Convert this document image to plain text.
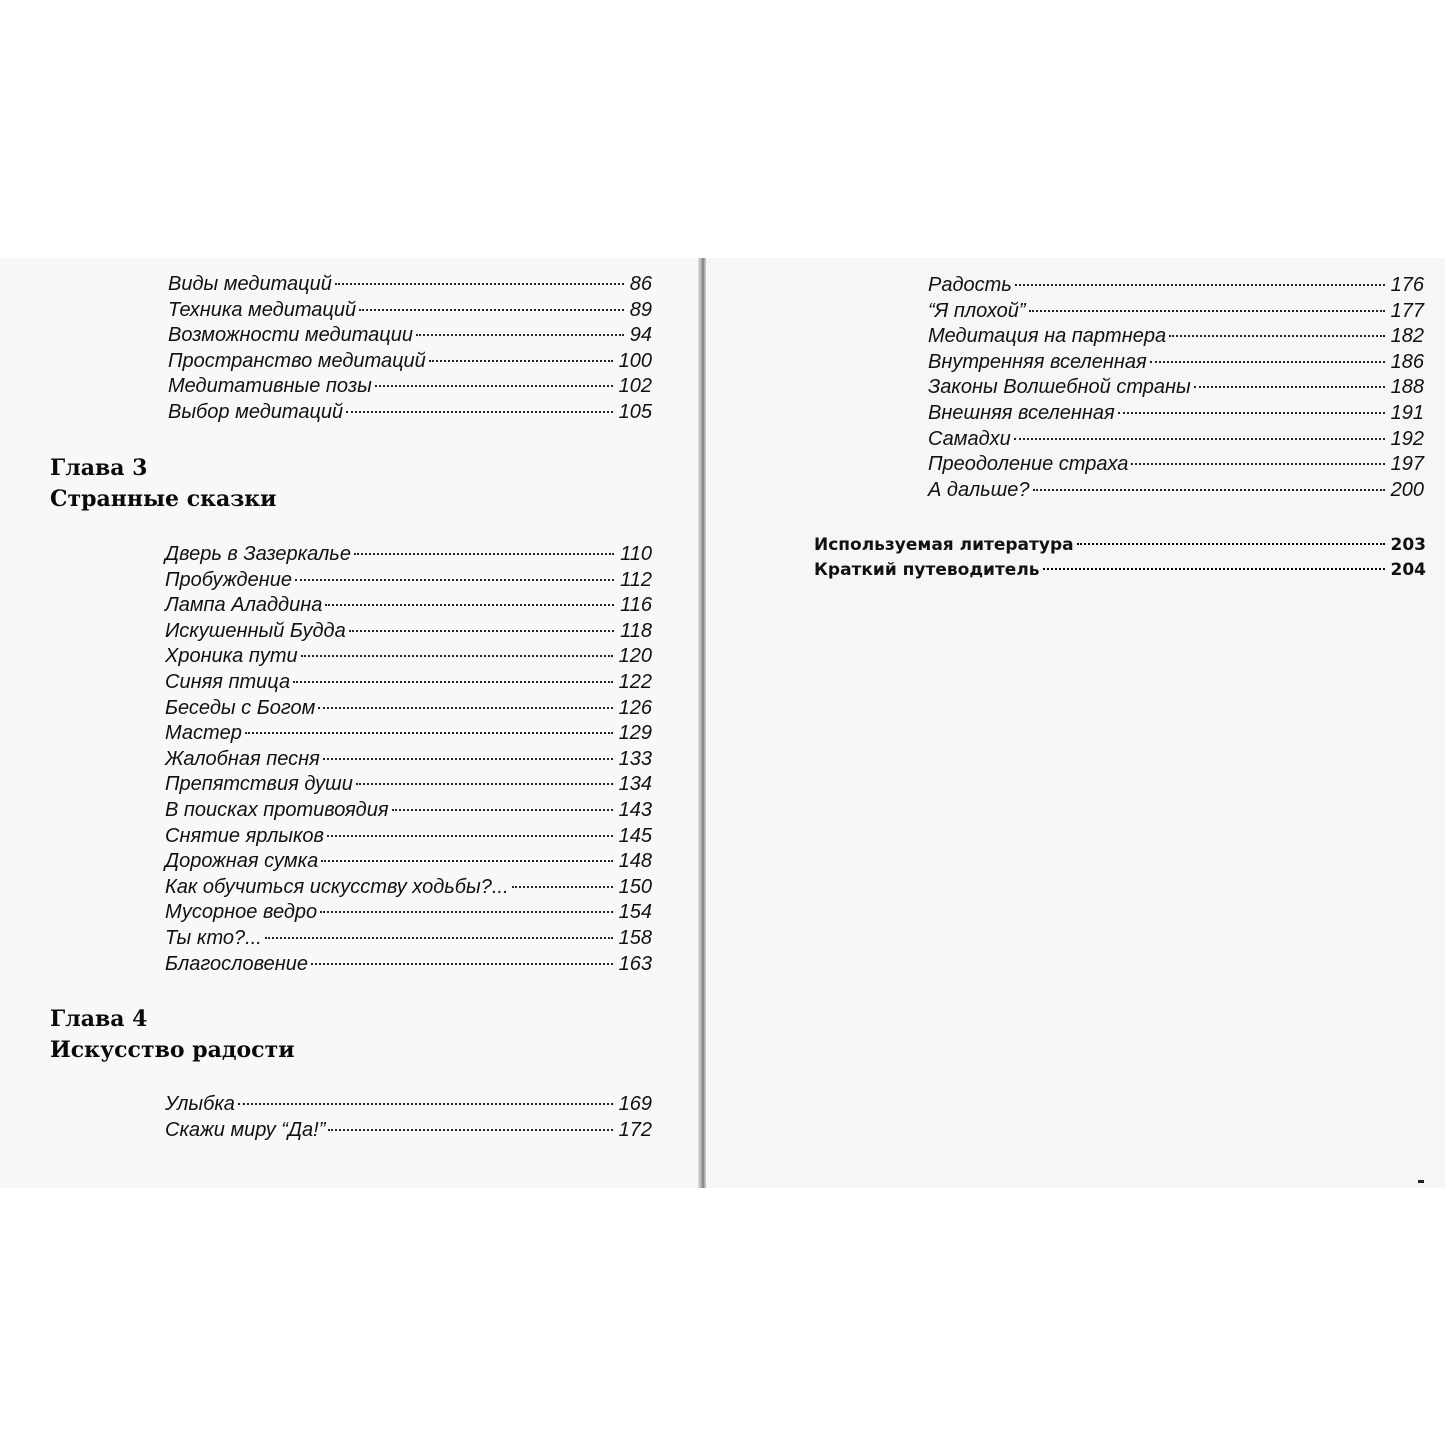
Виды медитаций	86
Техника медитаций	89
Возможности медитации	94
Пространство медитаций	100
Медитативные позы	102
Выбор медитаций	105
Глава 3
Странные сказки
Дверь в Зазеркалье	110
Пробуждение	112
Лампа Аладдина	116
Искушенный Будда	118
Хроника пути	120
Синяя птица	122
Беседы с Богом	126
Мастер	129
Жалобная песня	133
Препятствия души	134
В поисках противоядия	143
Снятие ярлыков	145
Дорожная сумка	148
Как обучиться искусству ходьбы?...	150
Мусорное ведро	154
Ты кто?...	158
Благословение	163
Глава 4
Искусство радости
Улыбка	169
Скажи миру “Да!”	172
Радость	176
“Я плохой”	177
Медитация на партнера	182
Внутренняя вселенная	186
Законы Волшебной страны	188
Внешняя вселенная	191
Самадхи	192
Преодоление страха	197
А дальше?	200
Используемая литература	203
Краткий путеводитель	204
